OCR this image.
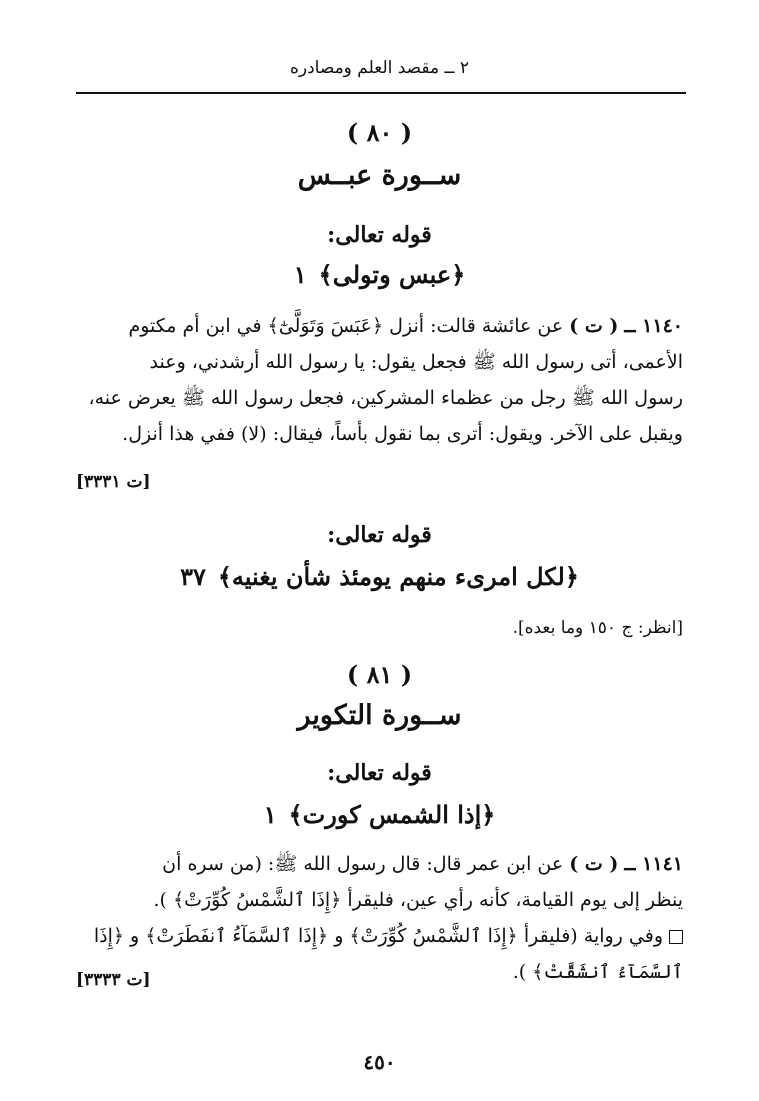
٢ ــ مقصد العلم ومصادره
( ٨٠ )
ســورة عبــس
قوله تعالى:
﴿عبس وتولى﴾١

١١٤٠ ــ ( ت ) عن عائشة قالت: أنزل ﴿عَبَسَ وَتَوَلَّىٰٓ﴾ في ابن أم مكتوم

الأعمى، أتى رسول الله ﷺ فجعل يقول: يا رسول الله أرشدني، وعند

رسول الله ﷺ رجل من عظماء المشركين، فجعل رسول الله ﷺ يعرض عنه،

ويقبل على الآخر. ويقول: أترى بما نقول بأساً، فيقال: (لا) ففي هذا أنزل.

[ت ٣٣٣١]
قوله تعالى:
﴿لكل امرىء منهم يومئذ شأن يغنيه﴾٣٧
[انظر: ج ١٥٠ وما بعده].
( ٨١ )
ســورة التكوير
قوله تعالى:
﴿إذا الشمس كورت﴾١

١١٤١ ــ ( ت ) عن ابن عمر قال: قال رسول الله ﷺ: (من سره أن

ينظر إلى يوم القيامة، كأنه رأي عين، فليقرأ ﴿إِذَا ٱلشَّمْسُ كُوِّرَتْ﴾ ).

وفي رواية (فليقرأ ﴿إِذَا ٱلشَّمْسُ كُوِّرَتْ﴾ و ﴿إِذَا ٱلسَّمَآءُ ٱنفَطَرَتْ﴾ و ﴿إِذَا

ٱلسَّمَآءُ ٱنشَقَّتْ﴾ ).

[ت ٣٣٣٣]
٤٥٠
